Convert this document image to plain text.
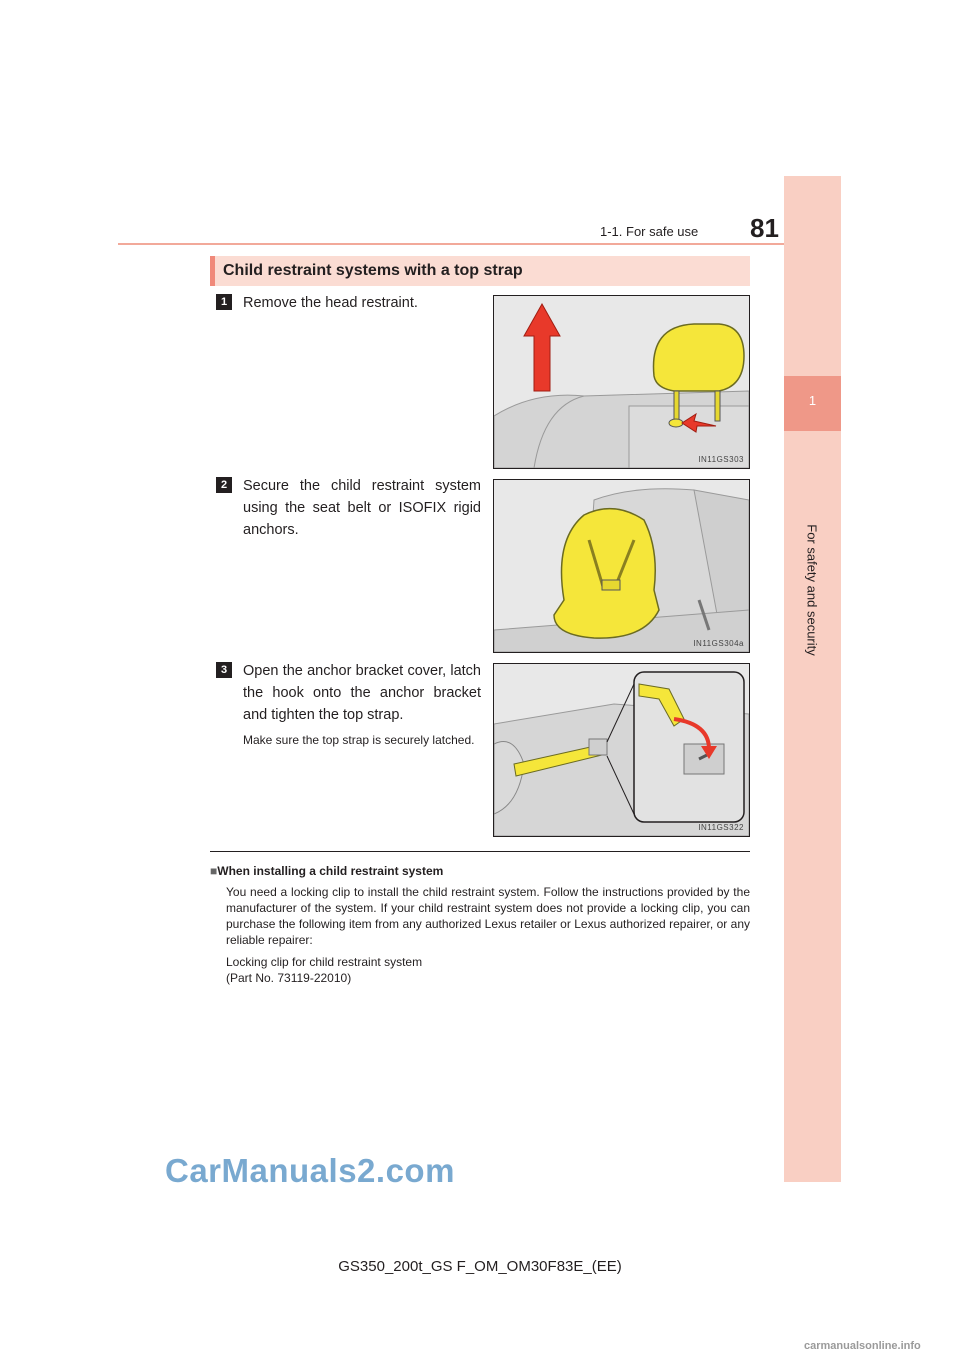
1-1. For safe use 81
1
For safety and security
Child restraint systems with a top strap
1	Remove the head restraint.
IN11GS303
2	Secure the child restraint system using the seat belt or ISOFIX rigid anchors.
IN11GS304a
3	Open the anchor bracket cover, latch the hook onto the anchor bracket and tighten the top strap.
Make sure the top strap is securely latched.
IN11GS322
■When installing a child restraint system
You need a locking clip to install the child restraint system. Follow the instructions provided by the manufacturer of the system. If your child restraint system does not provide a locking clip, you can purchase the following item from any authorized Lexus retailer or Lexus authorized repairer, or any reliable repairer:
Locking clip for child restraint system
(Part No. 73119-22010)
CarManuals2.com
GS350_200t_GS F_OM_OM30F83E_(EE)
carmanualsonline.info
